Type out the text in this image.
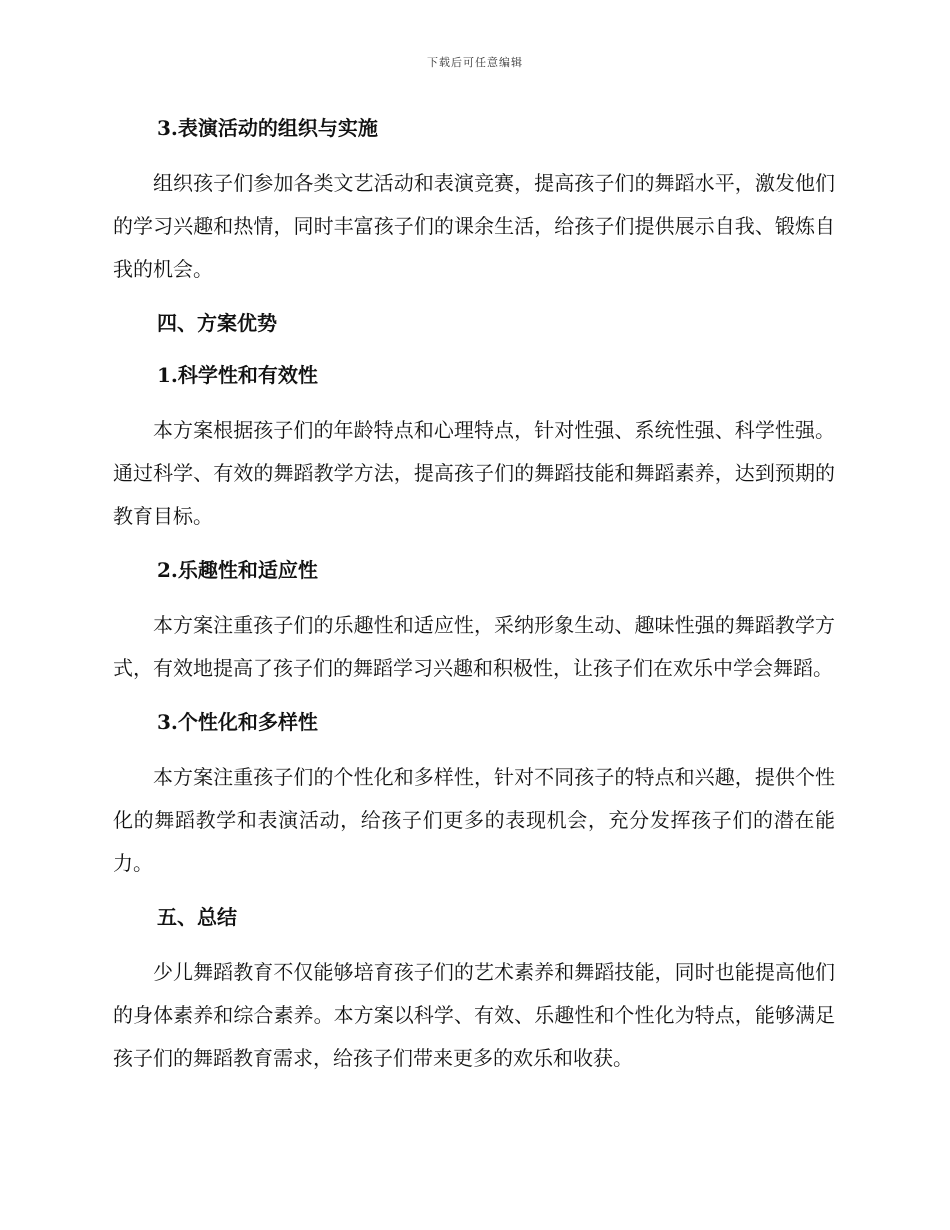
下载后可任意编辑
3.表演活动的组织与实施

组织孩子们参加各类文艺活动和表演竞赛，提高孩子们的舞蹈水平，激发他们的学习兴趣和热情，同时丰富孩子们的课余生活，给孩子们提供展示自我、锻炼自我的机会。

四、方案优势
1.科学性和有效性

本方案根据孩子们的年龄特点和心理特点，针对性强、系统性强、科学性强。通过科学、有效的舞蹈教学方法，提高孩子们的舞蹈技能和舞蹈素养，达到预期的教育目标。

2.乐趣性和适应性

本方案注重孩子们的乐趣性和适应性，采纳形象生动、趣味性强的舞蹈教学方式，有效地提高了孩子们的舞蹈学习兴趣和积极性，让孩子们在欢乐中学会舞蹈。

3.个性化和多样性

本方案注重孩子们的个性化和多样性，针对不同孩子的特点和兴趣，提供个性化的舞蹈教学和表演活动，给孩子们更多的表现机会，充分发挥孩子们的潜在能力。

五、总结

少儿舞蹈教育不仅能够培育孩子们的艺术素养和舞蹈技能，同时也能提高他们的身体素养和综合素养。本方案以科学、有效、乐趣性和个性化为特点，能够满足孩子们的舞蹈教育需求，给孩子们带来更多的欢乐和收获。
